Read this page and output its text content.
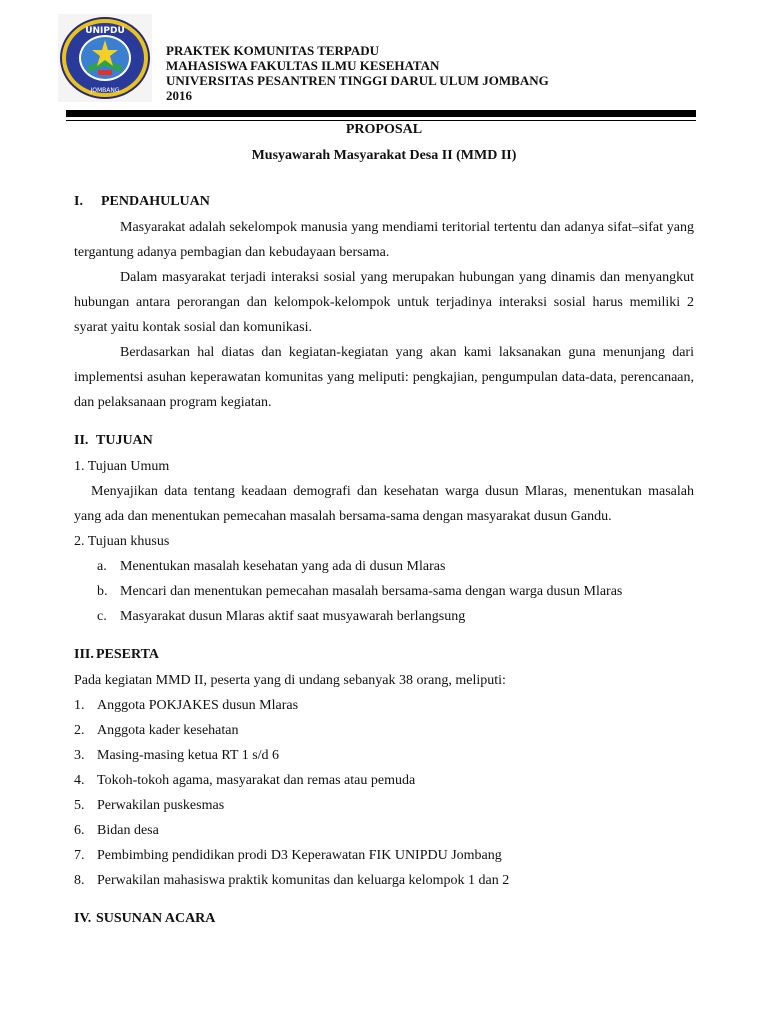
UNIPDU
JOMBANG
PRAKTEK KOMUNITAS TERPADU
MAHASISWA FAKULTAS ILMU KESEHATAN
UNIVERSITAS PESANTREN TINGGI DARUL ULUM JOMBANG
2016
PROPOSAL
Musyawarah Masyarakat Desa II (MMD II)
I. PENDAHULUAN

Masyarakat adalah sekelompok manusia yang mendiami teritorial tertentu dan adanya sifat–sifat yang tergantung adanya pembagian dan kebudayaan bersama.

Dalam masyarakat terjadi interaksi sosial yang merupakan hubungan yang dinamis dan menyangkut hubungan antara perorangan dan kelompok-kelompok untuk terjadinya interaksi sosial harus memiliki 2 syarat yaitu kontak sosial dan komunikasi.

Berdasarkan hal diatas dan kegiatan-kegiatan yang akan kami laksanakan guna menunjang dari implementsi asuhan keperawatan komunitas yang meliputi: pengkajian, pengumpulan data-data, perencanaan, dan pelaksanaan program kegiatan.

II. TUJUAN
1. Tujuan Umum

Menyajikan data tentang keadaan demografi dan kesehatan warga dusun Mlaras, menentukan masalah yang ada dan menentukan pemecahan masalah bersama-sama dengan masyarakat dusun Gandu.

2. Tujuan khusus
a. Menentukan masalah kesehatan yang ada di dusun Mlaras
b. Mencari dan menentukan pemecahan masalah bersama-sama dengan warga dusun Mlaras
c. Masyarakat dusun Mlaras aktif saat musyawarah berlangsung
III. PESERTA
Pada kegiatan MMD II, peserta yang di undang sebanyak 38 orang, meliputi:
1. Anggota POKJAKES dusun Mlaras
2. Anggota kader kesehatan
3. Masing-masing ketua RT 1 s/d 6
4. Tokoh-tokoh agama, masyarakat dan remas atau pemuda
5. Perwakilan puskesmas
6. Bidan desa
7. Pembimbing pendidikan prodi D3 Keperawatan FIK UNIPDU Jombang
8. Perwakilan mahasiswa praktik komunitas dan keluarga kelompok 1 dan 2
IV. SUSUNAN ACARA
